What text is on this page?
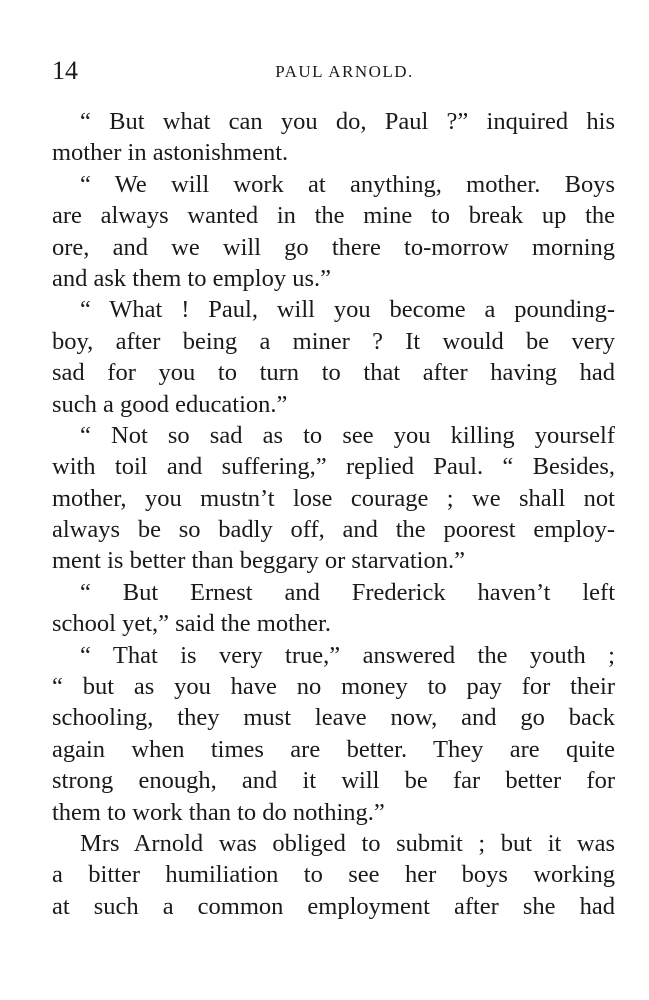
14	PAUL ARNOLD.
“ But what can you do, Paul ?” inquired his
mother in astonishment.
“ We will work at anything, mother. Boys
are always wanted in the mine to break up the
ore, and we will go there to-morrow morning
and ask them to employ us.”
“ What ! Paul, will you become a pounding-
boy, after being a miner ? It would be very
sad for you to turn to that after having had
such a good education.”
“ Not so sad as to see you killing yourself
with toil and suffering,” replied Paul. “ Besides,
mother, you mustn’t lose courage ; we shall not
always be so badly off, and the poorest employ-
ment is better than beggary or starvation.”
“ But Ernest and Frederick haven’t left
school yet,” said the mother.
“ That is very true,” answered the youth ;
“ but as you have no money to pay for their
schooling, they must leave now, and go back
again when times are better. They are quite
strong enough, and it will be far better for
them to work than to do nothing.”
Mrs Arnold was obliged to submit ; but it was
a bitter humiliation to see her boys working
at such a common employment after she had
